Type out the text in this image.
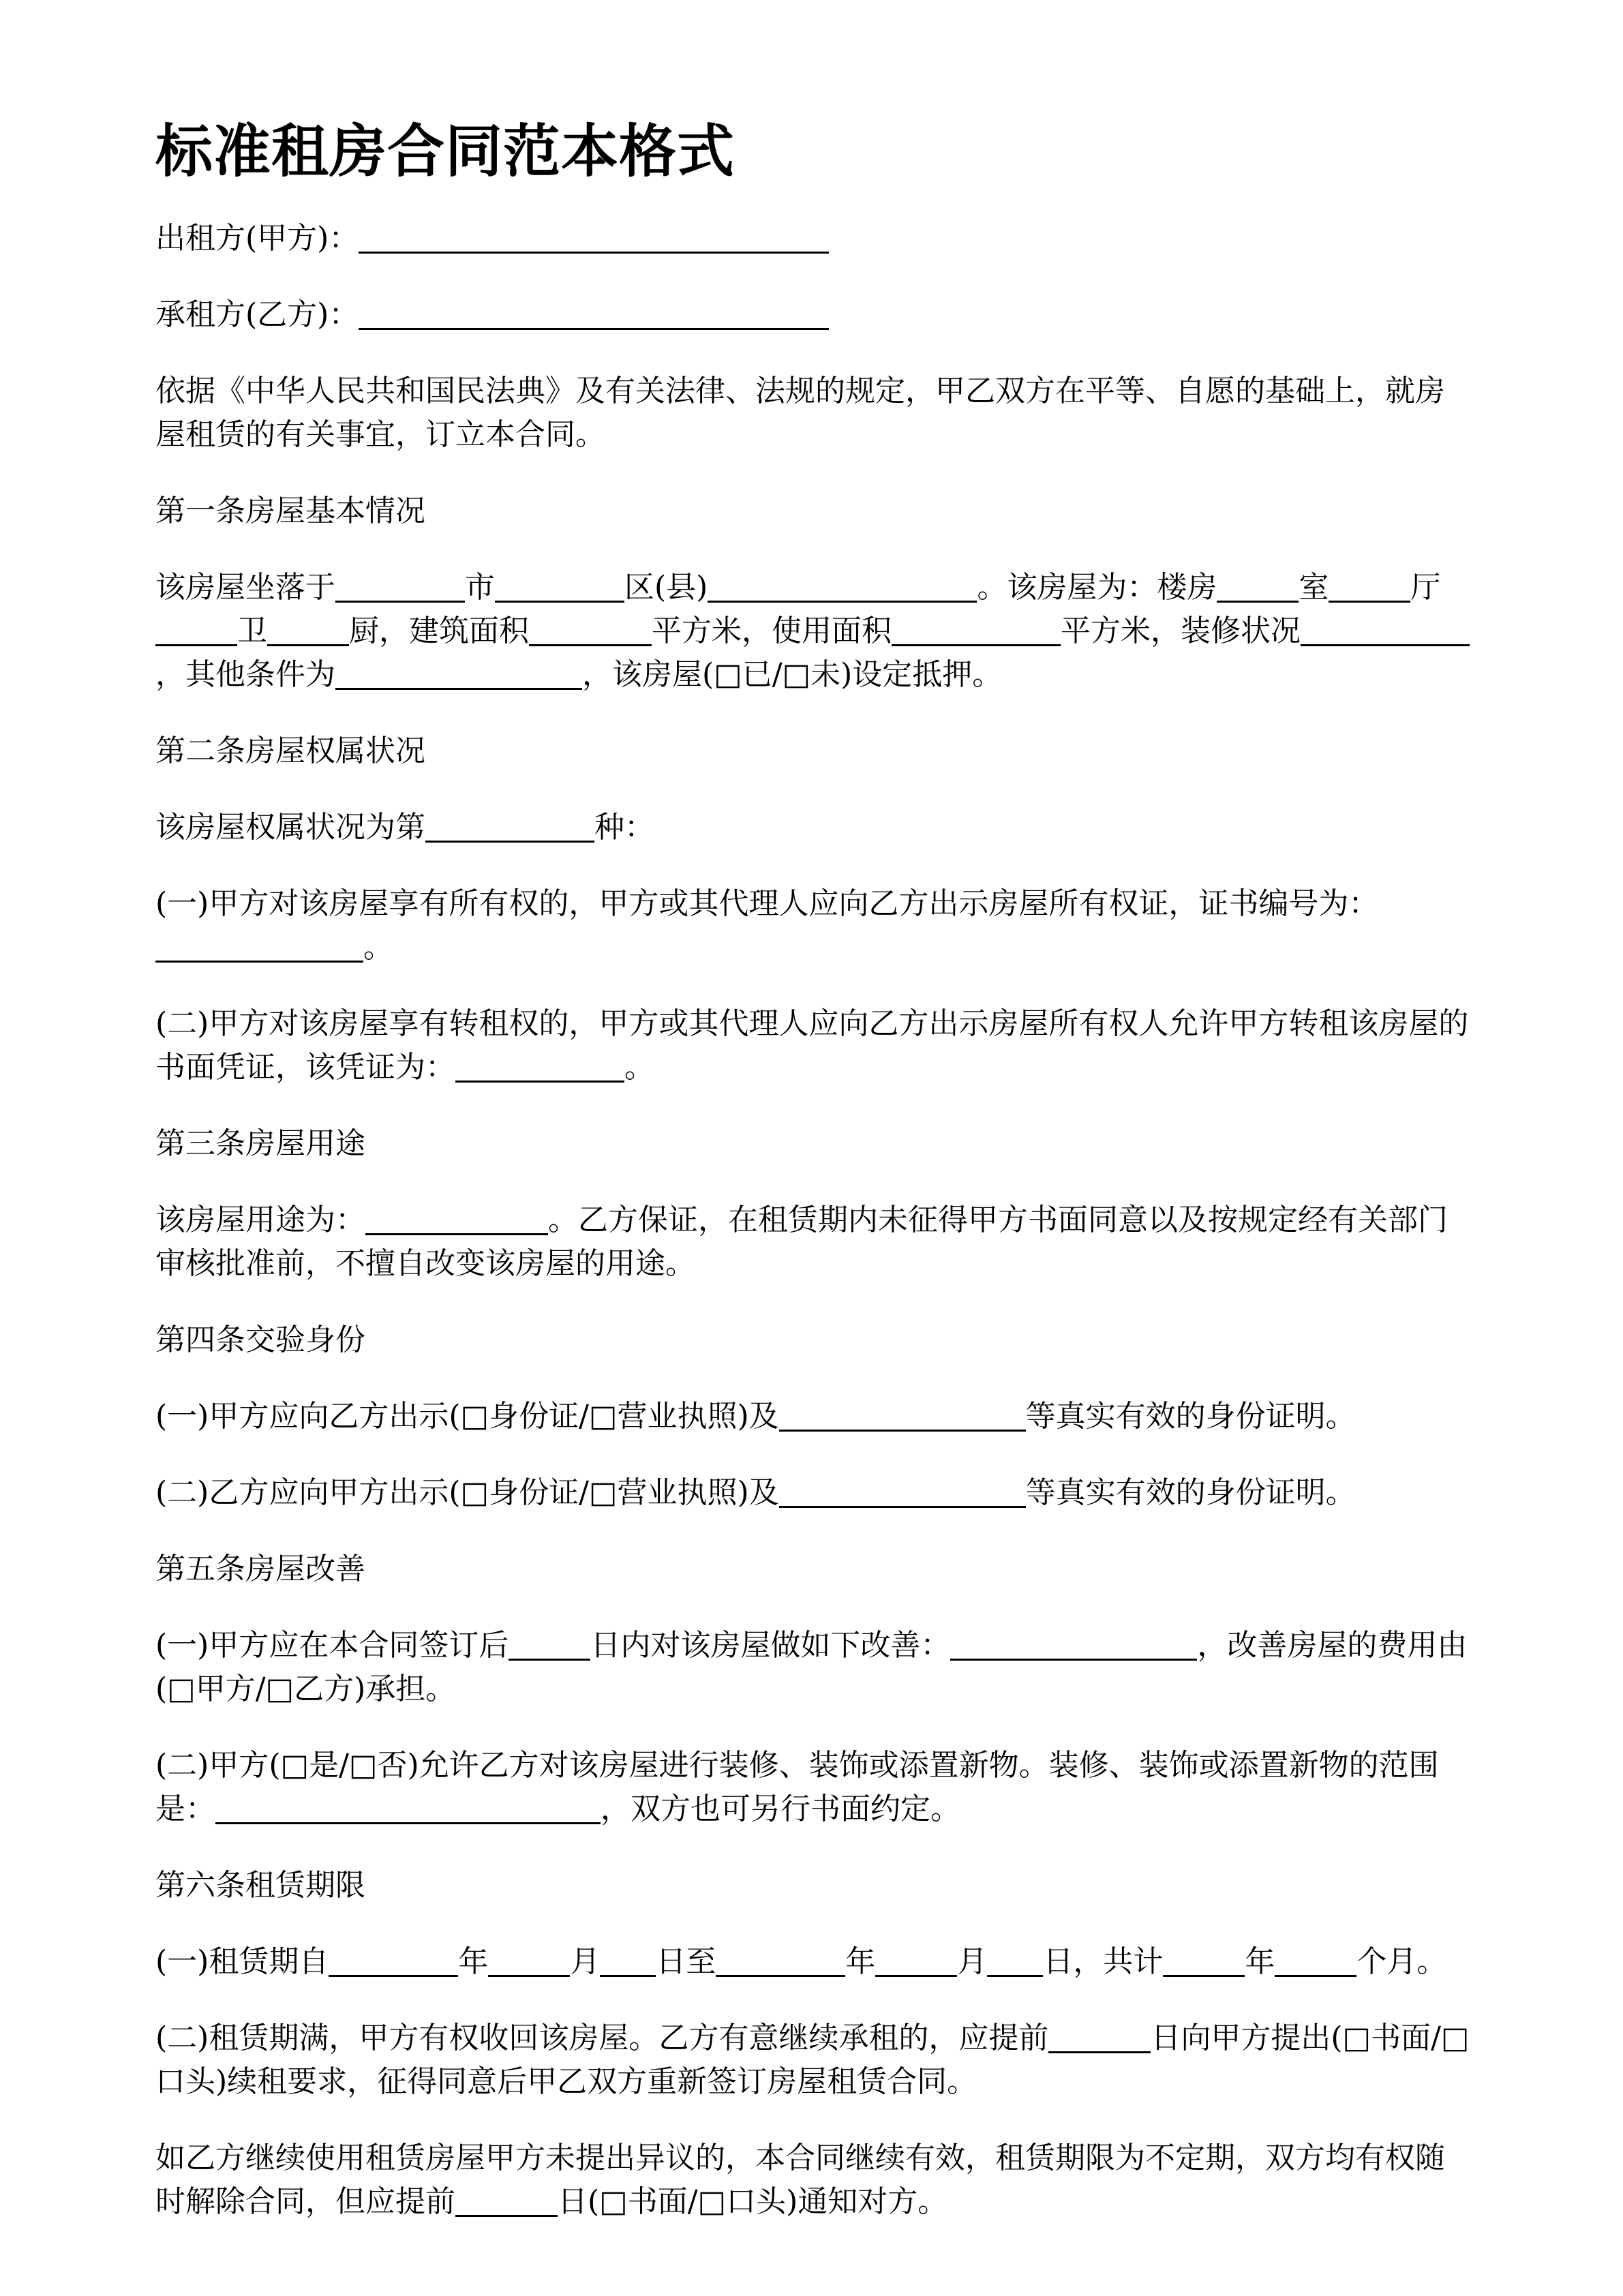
标准租房合同范本格式

出租方(甲方)：

承租方(乙方)：

依据《中华人民共和国民法典》及有关法律、法规的规定，甲乙双方在平等、自愿的基础上，就房屋租赁的有关事宜，订立本合同。

第一条房屋基本情况

该房屋坐落于	市	区(县)	。该房屋为：楼房	室	厅卫	厨，建筑面积	平方米，使用面积	平方米，装修状况，其他条件为	，该房屋(□已/□未)设定抵押。

第二条房屋权属状况

该房屋权属状况为第	种：

(一)甲方对该房屋享有所有权的，甲方或其代理人应向乙方出示房屋所有权证，证书编号为：。

(二)甲方对该房屋享有转租权的，甲方或其代理人应向乙方出示房屋所有权人允许甲方转租该房屋的书面凭证，该凭证为：	。

第三条房屋用途

该房屋用途为：	。乙方保证，在租赁期内未征得甲方书面同意以及按规定经有关部门审核批准前，不擅自改变该房屋的用途。

第四条交验身份

(一)甲方应向乙方出示(□身份证/□营业执照)及	等真实有效的身份证明。

(二)乙方应向甲方出示(□身份证/□营业执照)及	等真实有效的身份证明。

第五条房屋改善

(一)甲方应在本合同签订后	日内对该房屋做如下改善：	，改善房屋的费用由(□甲方/□乙方)承担。

(二)甲方(□是/□否)允许乙方对该房屋进行装修、装饰或添置新物。装修、装饰或添置新物的范围是：	，双方也可另行书面约定。

第六条租赁期限

(一)租赁期自	年	月 日至	年	月 日，共计	年	个月。

(二)租赁期满，甲方有权收回该房屋。乙方有意继续承租的，应提前	日向甲方提出(□书面/□口头)续租要求，征得同意后甲乙双方重新签订房屋租赁合同。

如乙方继续使用租赁房屋甲方未提出异议的，本合同继续有效，租赁期限为不定期，双方均有权随时解除合同，但应提前	日(□书面/□口头)通知对方。
